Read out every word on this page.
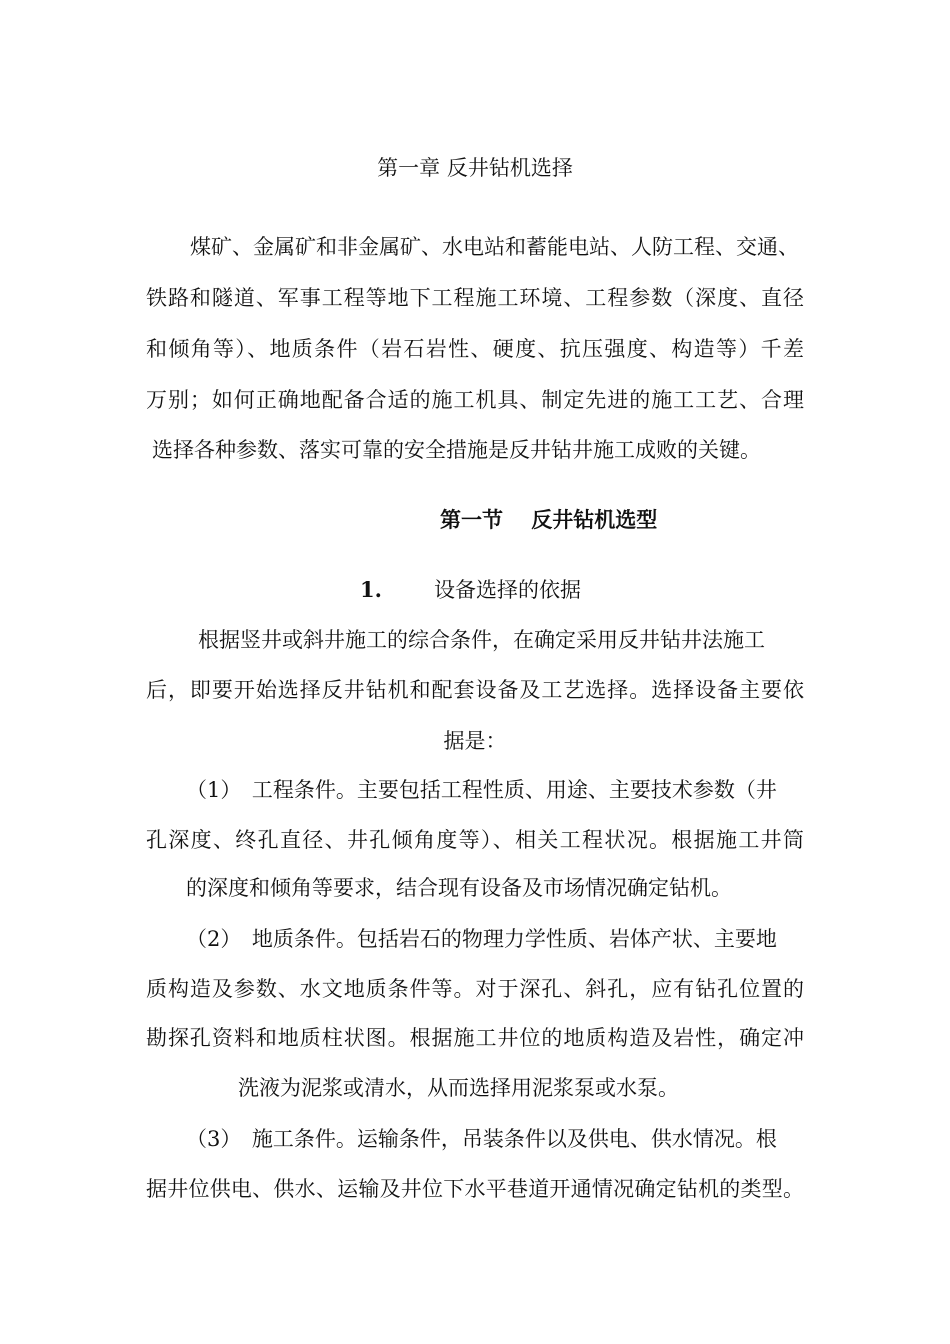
第一章 反井钻机选择
煤矿、金属矿和非金属矿、水电站和蓄能电站、人防工程、交通、
铁路和隧道、军事工程等地下工程施工环境、工程参数（深度、直径
和倾角等）、地质条件（岩石岩性、硬度、抗压强度、构造等）千差
万别；如何正确地配备合适的施工机具、制定先进的施工工艺、合理
选择各种参数、落实可靠的安全措施是反井钻井施工成败的关键。
第一节　 反井钻机选型
1. 设备选择的依据
根据竖井或斜井施工的综合条件，在确定采用反井钻井法施工
后，即要开始选择反井钻机和配套设备及工艺选择。选择设备主要依
据是：
（1）　工程条件。主要包括工程性质、用途、主要技术参数（井
孔深度、终孔直径、井孔倾角度等）、相关工程状况。根据施工井筒
的深度和倾角等要求，结合现有设备及市场情况确定钻机。
（2）　地质条件。包括岩石的物理力学性质、岩体产状、主要地
质构造及参数、水文地质条件等。对于深孔、斜孔，应有钻孔位置的
勘探孔资料和地质柱状图。根据施工井位的地质构造及岩性，确定冲
洗液为泥浆或清水，从而选择用泥浆泵或水泵。
（3）　施工条件。运输条件，吊装条件以及供电、供水情况。根
据井位供电、供水、运输及井位下水平巷道开通情况确定钻机的类型。
